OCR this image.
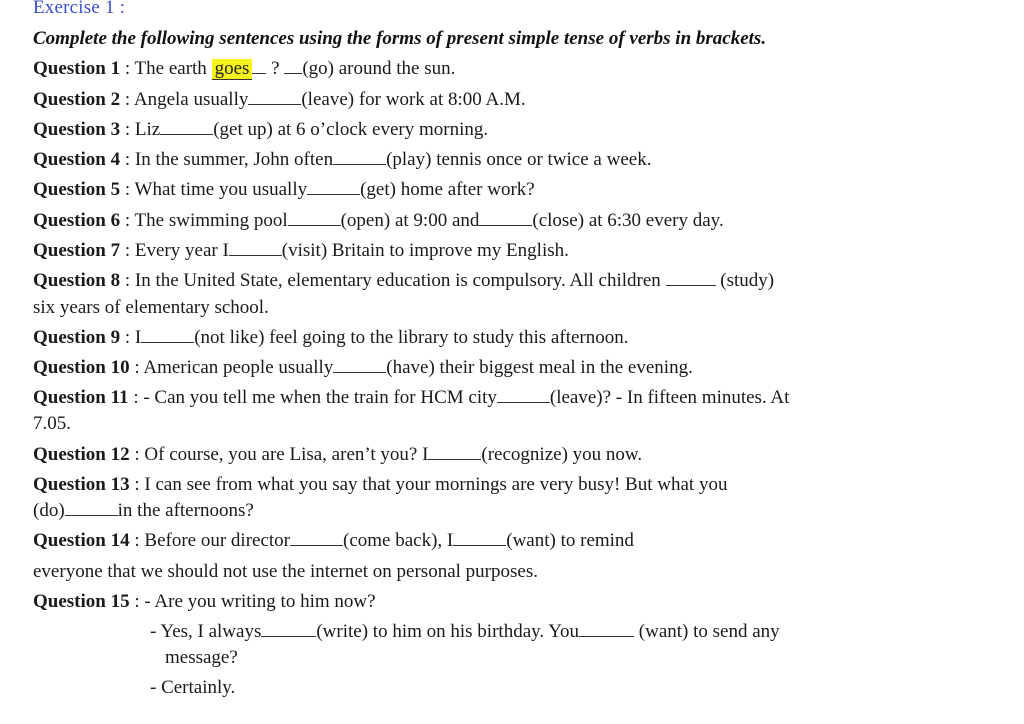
Exercise 1 :
Complete the following sentences using the forms of present simple tense of verbs in brackets.
Question 1 : The earth goes ? (go) around the sun.
Question 2 : Angela usually	(leave) for work at 8:00 A.M.
Question 3 : Liz	(get up) at 6 o’clock every morning.
Question 4 : In the summer, John often	(play) tennis once or twice a week.
Question 5 : What time you usually	(get) home after work?
Question 6 : The swimming pool	(open) at 9:00 and	(close) at 6:30 every day.
Question 7 : Every year I	(visit) Britain to improve my English.
Question 8 : In the United State, elementary education is compulsory. All children	(study)
six years of elementary school.
Question 9 : I	(not like) feel going to the library to study this afternoon.
Question 10 : American people usually	(have) their biggest meal in the evening.
Question 11 : - Can you tell me when the train for HCM city	(leave)? - In fifteen minutes. At
7.05.
Question 12 : Of course, you are Lisa, aren’t you? I	(recognize) you now.
Question 13 : I can see from what you say that your mornings are very busy! But what you
(do)	in the afternoons?
Question 14 : Before our director	(come back), I	(want) to remind
everyone that we should not use the internet on personal purposes.
Question 15 : - Are you writing to him now?
- Yes, I always	(write) to him on his birthday. You	(want) to send any
message?
- Certainly.
